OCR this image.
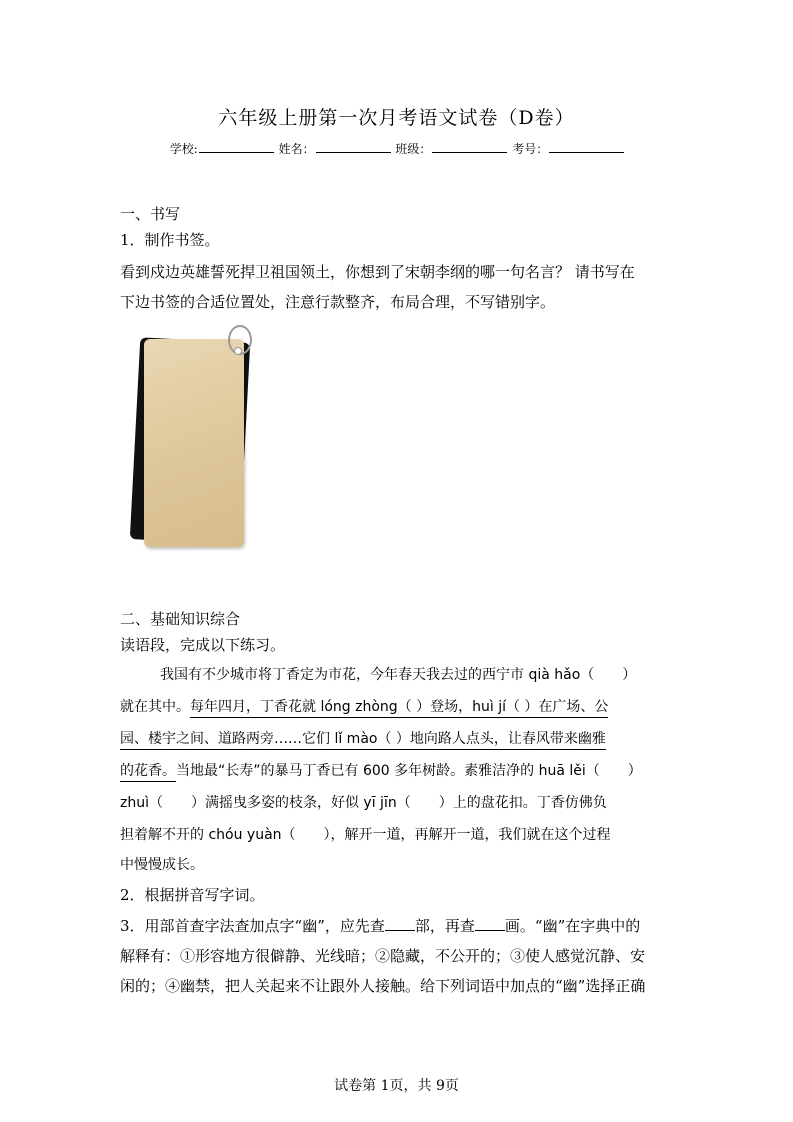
六年级上册第一次月考语文试卷（D卷）
学校:	姓名：	班级：	考号：
一、书写
1．制作书签。
看到戍边英雄誓死捍卫祖国领土，你想到了宋朝李纲的哪一句名言？ 请书写在
下边书签的合适位置处，注意行款整齐，布局合理，不写错别字。
二、基础知识综合
读语段，完成以下练习。
我国有不少城市将丁香定为市花，今年春天我去过的西宁市 qià hǎo（　　）
就在其中。每年四月，丁香花就 lóng zhòng（ ）登场，huì jí（ ）在广场、公
园、楼宇之间、道路两旁……它们 lǐ mào（ ）地向路人点头，让春风带来幽雅
的花香。当地最“长寿”的暴马丁香已有 600 多年树龄。素雅洁净的 huā lěi（　　）
zhuì（　　）满摇曳多姿的枝条，好似 yī jīn（　　）上的盘花扣。丁香仿佛负
担着解不开的 chóu yuàn（　　），解开一道，再解开一道，我们就在这个过程
中慢慢成长。
2．根据拼音写字词。
3．用部首查字法查加点字“幽”，应先查 部，再查 画。“幽”在字典中的
解释有：①形容地方很僻静、光线暗；②隐藏，不公开的；③使人感觉沉静、安
闲的；④幽禁，把人关起来不让跟外人接触。给下列词语中加点的“幽”选择正确
试卷第 1页，共 9页
